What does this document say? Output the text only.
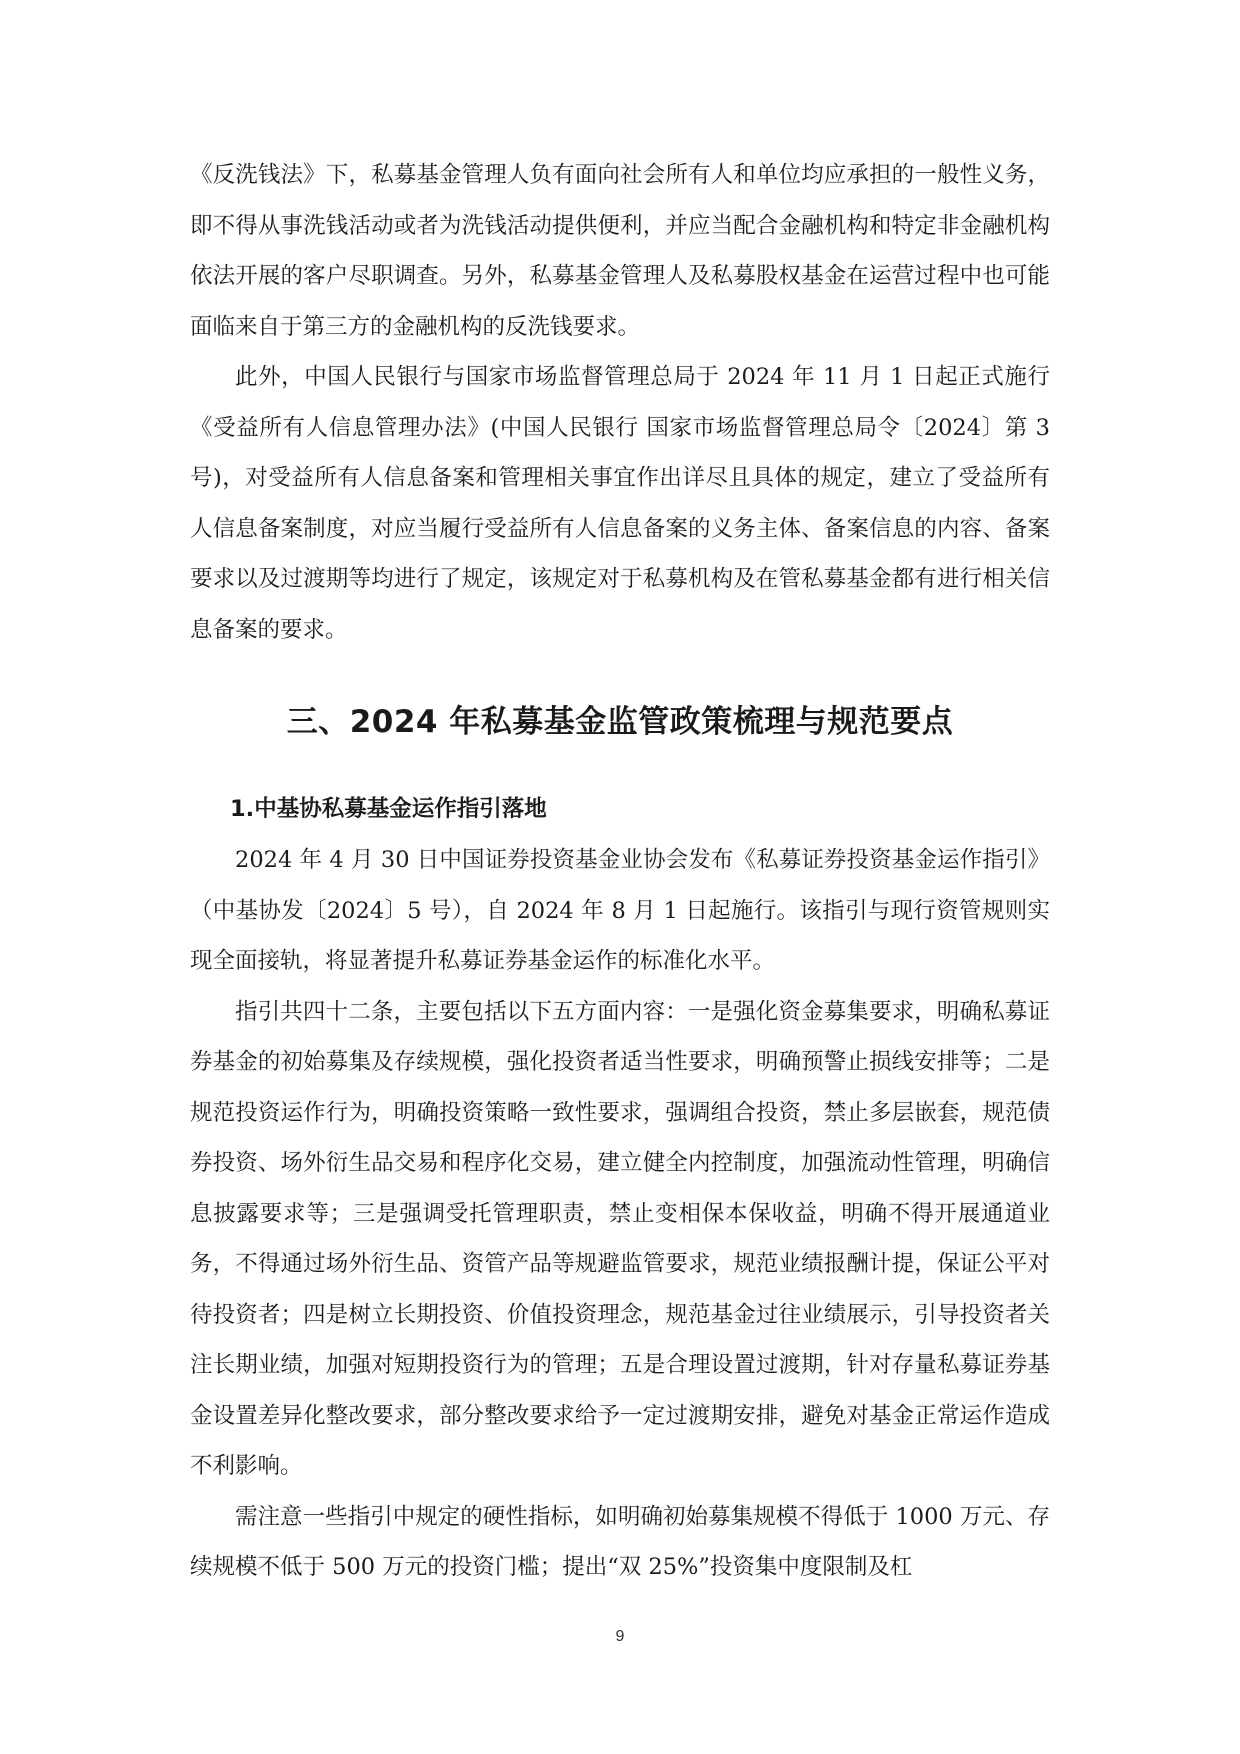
《反洗钱法》下，私募基金管理人负有面向社会所有人和单位均应承担的一般性义务，即不得从事洗钱活动或者为洗钱活动提供便利，并应当配合金融机构和特定非金融机构依法开展的客户尽职调查。另外，私募基金管理人及私募股权基金在运营过程中也可能面临来自于第三方的金融机构的反洗钱要求。

此外，中国人民银行与国家市场监督管理总局于 2024 年 11 月 1 日起正式施行《受益所有人信息管理办法》(中国人民银行 国家市场监督管理总局令〔2024〕第 3 号)，对受益所有人信息备案和管理相关事宜作出详尽且具体的规定，建立了受益所有人信息备案制度，对应当履行受益所有人信息备案的义务主体、备案信息的内容、备案要求以及过渡期等均进行了规定，该规定对于私募机构及在管私募基金都有进行相关信息备案的要求。

三、2024 年私募基金监管政策梳理与规范要点
1.中基协私募基金运作指引落地

2024 年 4 月 30 日中国证券投资基金业协会发布《私募证券投资基金运作指引》（中基协发〔2024〕5 号），自 2024 年 8 月 1 日起施行。该指引与现行资管规则实现全面接轨，将显著提升私募证券基金运作的标准化水平。

指引共四十二条，主要包括以下五方面内容：一是强化资金募集要求，明确私募证券基金的初始募集及存续规模，强化投资者适当性要求，明确预警止损线安排等；二是规范投资运作行为，明确投资策略一致性要求，强调组合投资，禁止多层嵌套，规范债券投资、场外衍生品交易和程序化交易，建立健全内控制度，加强流动性管理，明确信息披露要求等；三是强调受托管理职责，禁止变相保本保收益，明确不得开展通道业务，不得通过场外衍生品、资管产品等规避监管要求，规范业绩报酬计提，保证公平对待投资者；四是树立长期投资、价值投资理念，规范基金过往业绩展示，引导投资者关注长期业绩，加强对短期投资行为的管理；五是合理设置过渡期，针对存量私募证券基金设置差异化整改要求，部分整改要求给予一定过渡期安排，避免对基金正常运作造成不利影响。

需注意一些指引中规定的硬性指标，如明确初始募集规模不得低于 1000 万元、存续规模不低于 500 万元的投资门槛；提出“双 25%”投资集中度限制及杠

9
